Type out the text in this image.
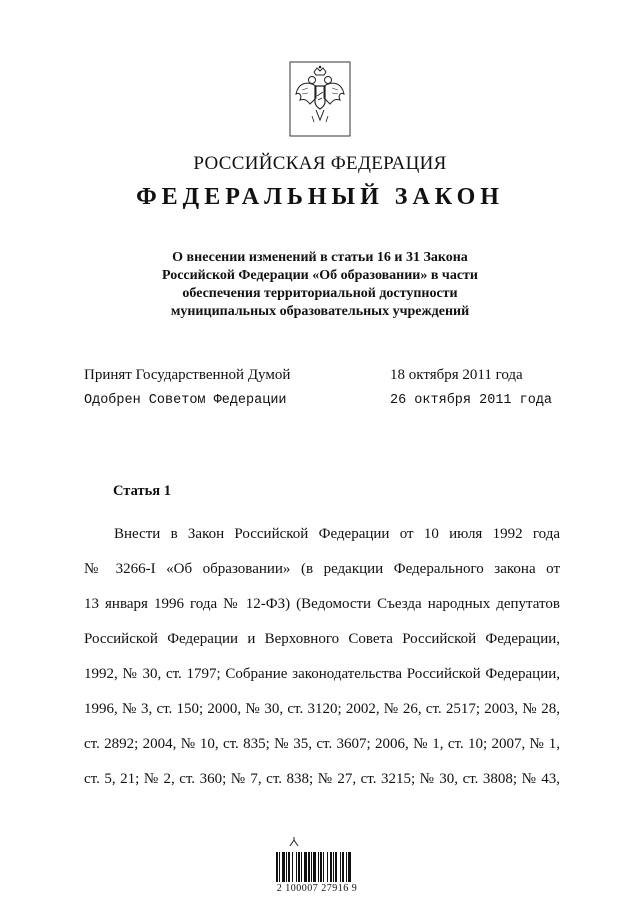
РОССИЙСКАЯ ФЕДЕРАЦИЯ
ФЕДЕРАЛЬНЫЙ ЗАКОН
О внесении изменений в статьи 16 и 31 Закона
Российской Федерации «Об образовании» в части
обеспечения территориальной доступности
муниципальных образовательных учреждений
Принят Государственной Думой	18 октября 2011 года
Одобрен Советом Федерации	26 октября 2011 года
Статья 1
Внести в Закон Российской Федерации от 10 июля 1992 года
№ 3266-I «Об образовании» (в редакции Федерального закона от
13 января 1996 года № 12-ФЗ) (Ведомости Съезда народных депутатов
Российской Федерации и Верховного Совета Российской Федерации,
1992, № 30, ст. 1797; Собрание законодательства Российской Федерации,
1996, № 3, ст. 150; 2000, № 30, ст. 3120; 2002, № 26, ст. 2517; 2003, № 28,
ст. 2892; 2004, № 10, ст. 835; № 35, ст. 3607; 2006, № 1, ст. 10; 2007, № 1,
ст. 5, 21; № 2, ст. 360; № 7, ст. 838; № 27, ст. 3215; № 30, ст. 3808; № 43,
2 100007 27916 9
